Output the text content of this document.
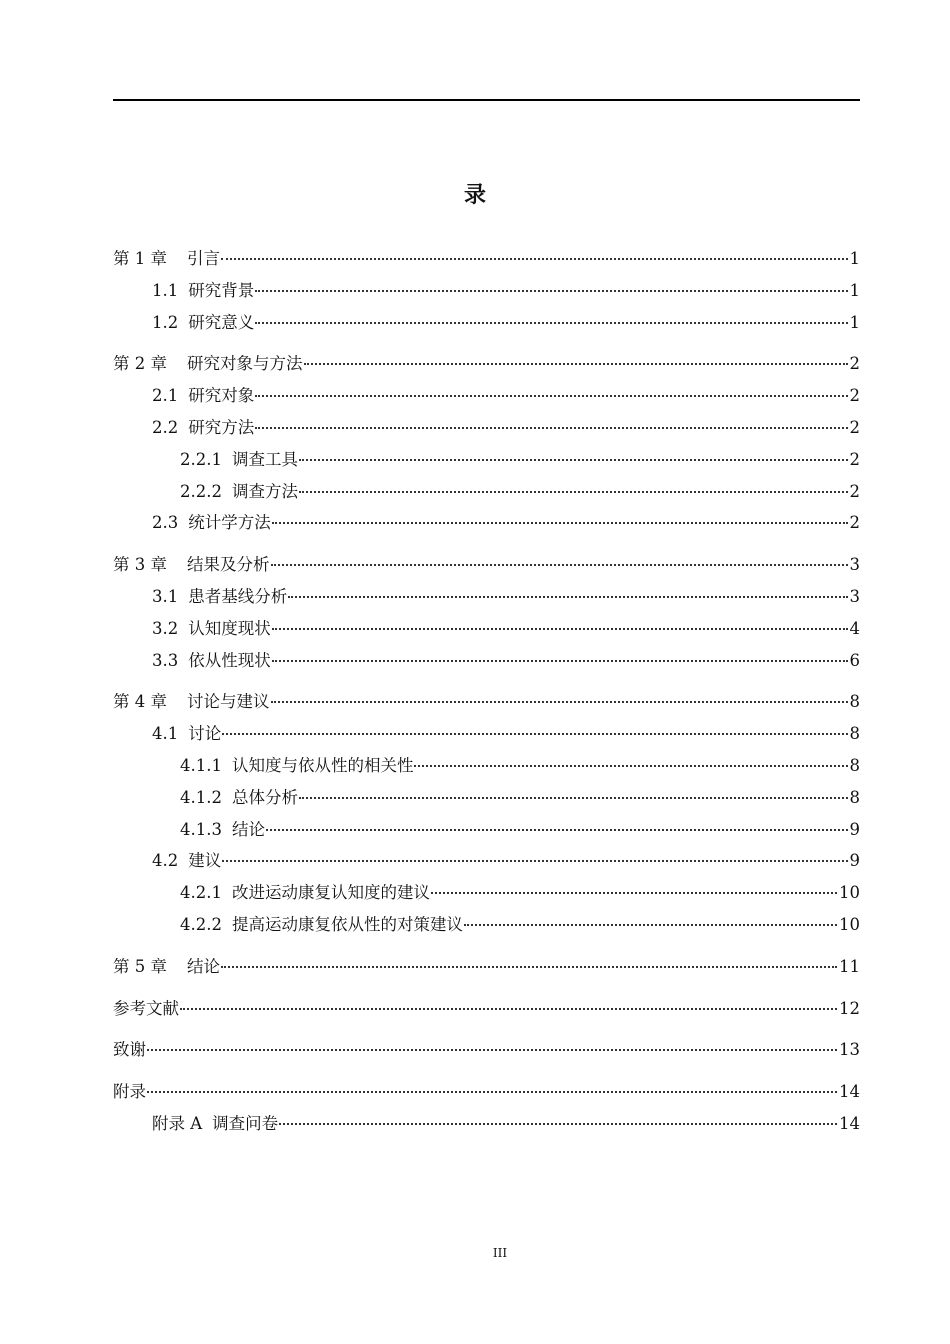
录
第 1 章 引言	1
1.1 研究背景	1
1.2 研究意义	1
第 2 章 研究对象与方法	2
2.1 研究对象	2
2.2 研究方法	2
2.2.1 调查工具	2
2.2.2 调查方法	2
2.3 统计学方法	2
第 3 章 结果及分析	3
3.1 患者基线分析	3
3.2 认知度现状	4
3.3 依从性现状	6
第 4 章 讨论与建议	8
4.1 讨论	8
4.1.1 认知度与依从性的相关性	8
4.1.2 总体分析	8
4.1.3 结论	9
4.2 建议	9
4.2.1 改进运动康复认知度的建议	10
4.2.2 提高运动康复依从性的对策建议	10
第 5 章 结论	11
参考文献	12
致谢	13
附录	14
附录 A 调查问卷	14
III
